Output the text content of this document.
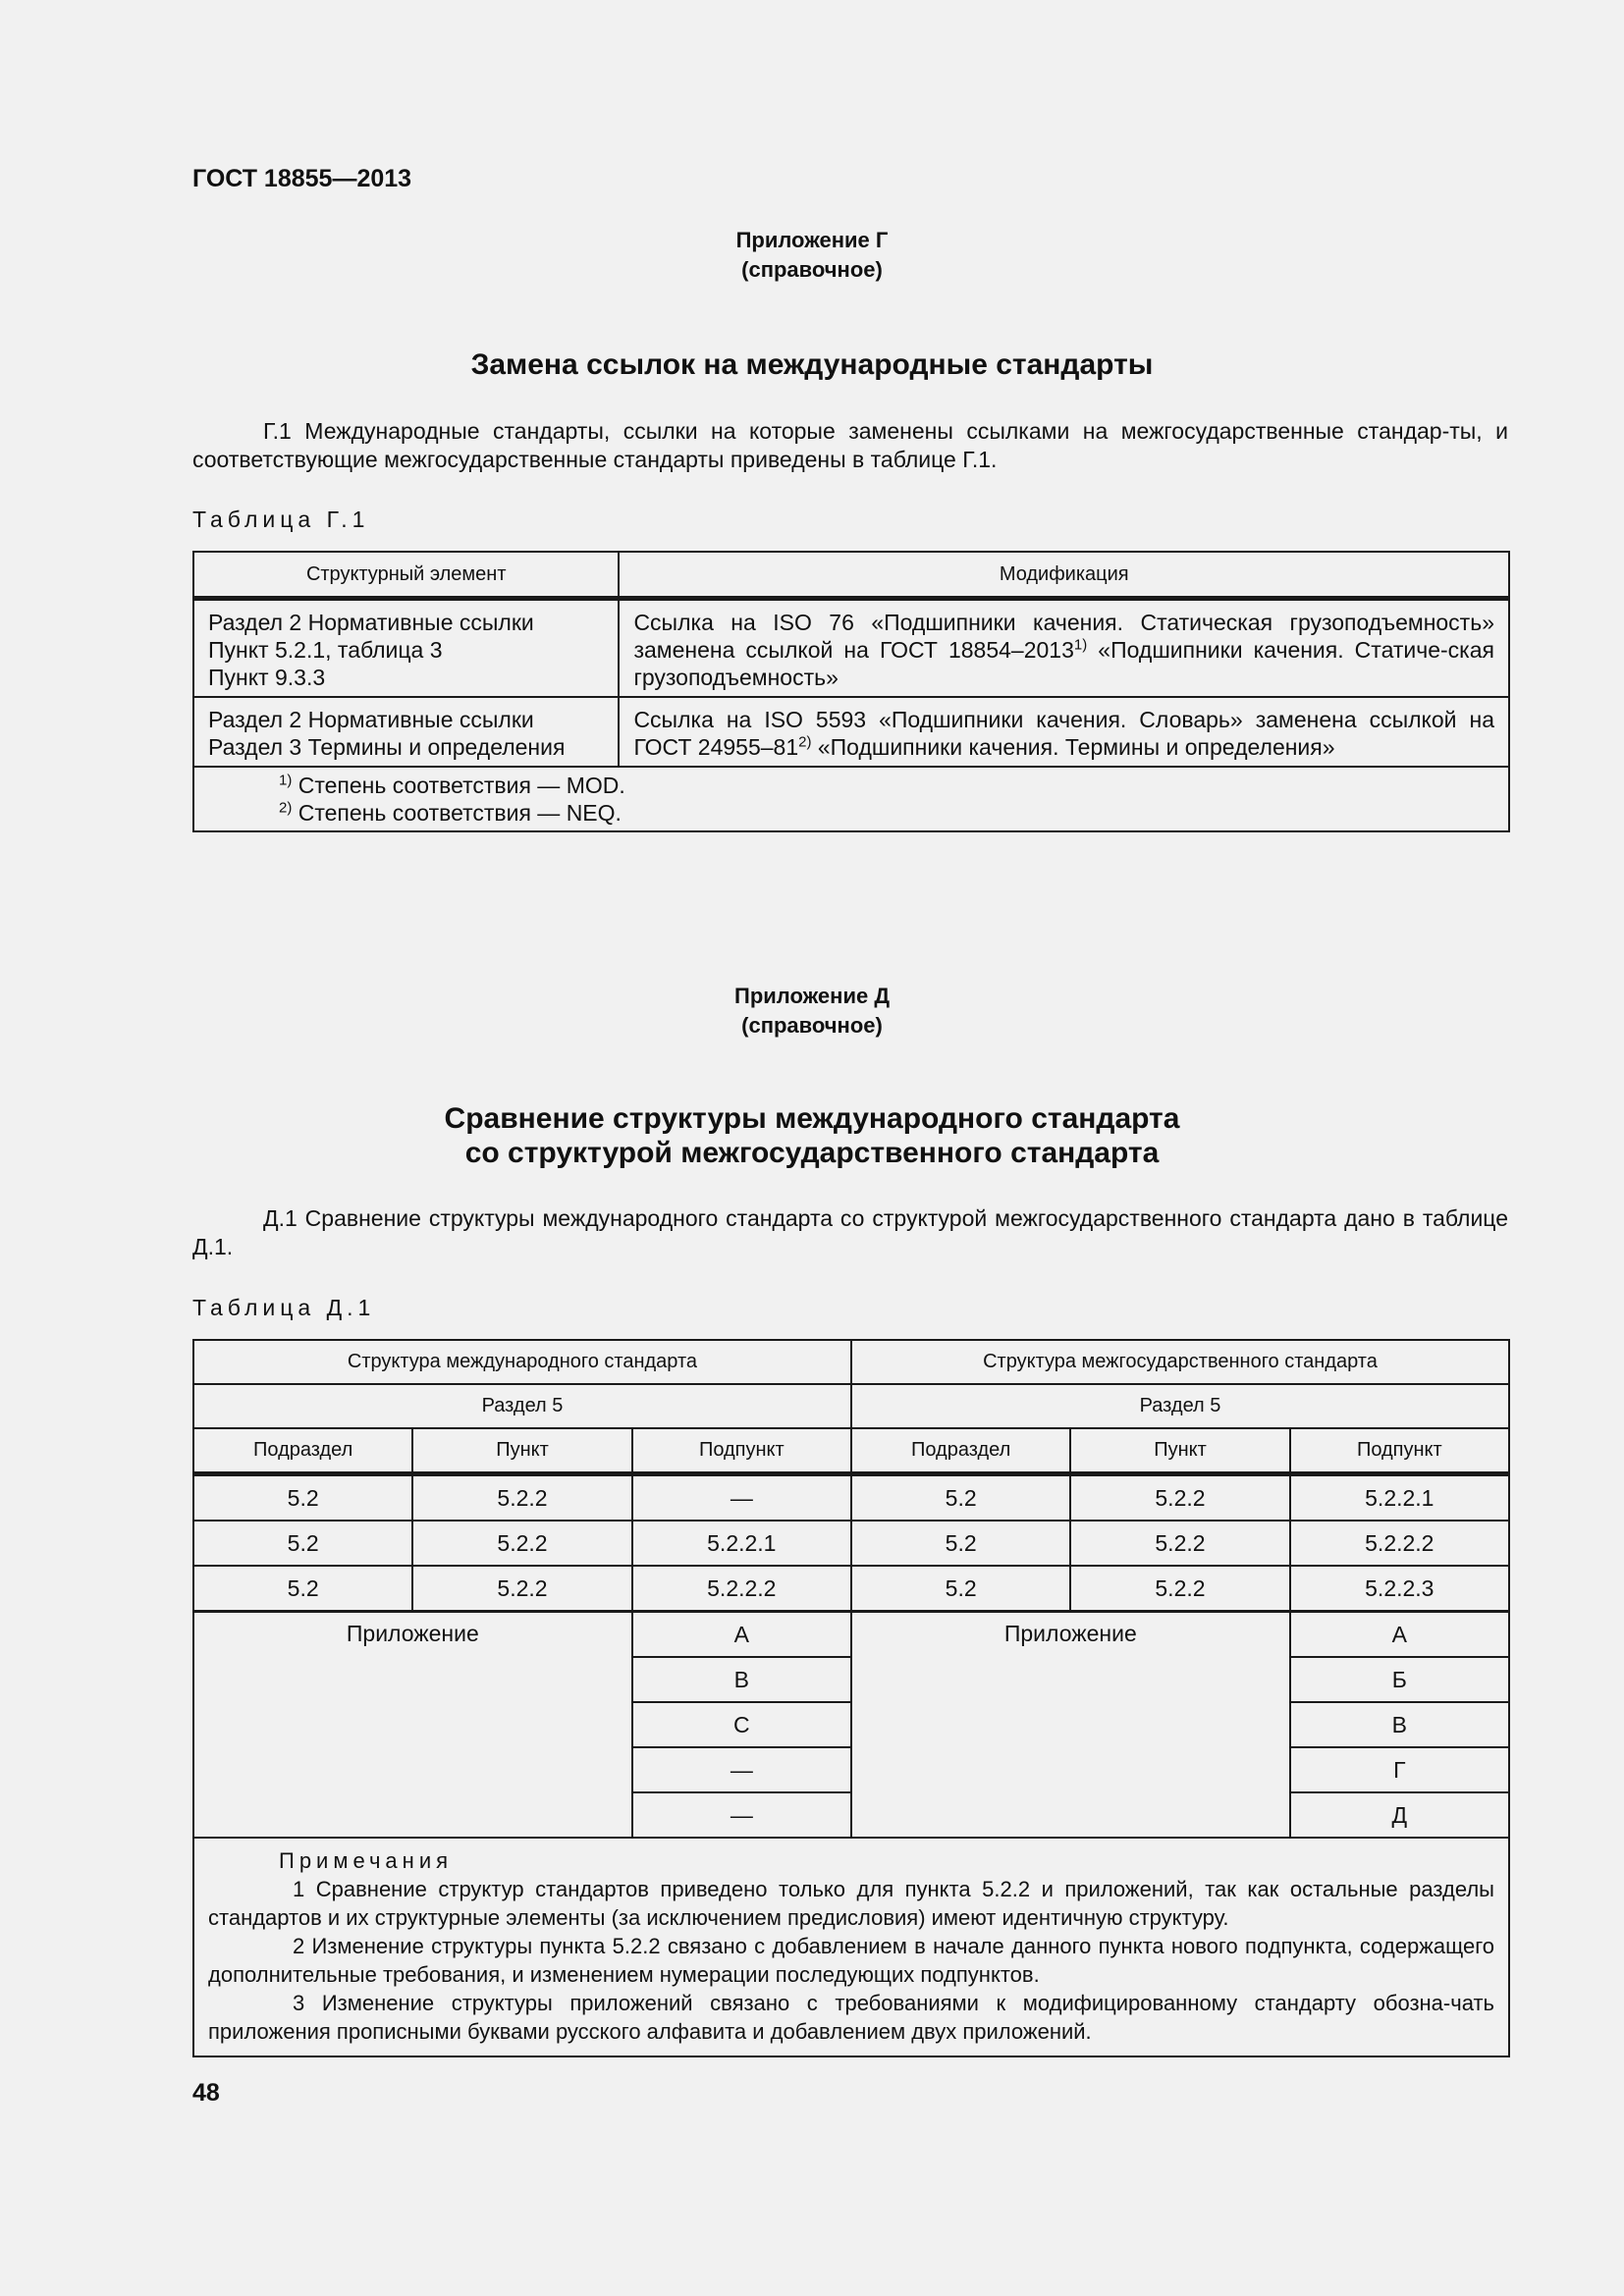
ГОСТ 18855—2013
Приложение Г
(справочное)
Замена ссылок на международные стандарты
Г.1 Международные стандарты, ссылки на которые заменены ссылками на межгосударственные стандар-ты, и соответствующие межгосударственные стандарты приведены в таблице Г.1.
Таблица Г.1
Структурный элемент	Модификация

Раздел 2 Нормативные ссылки
Пункт 5.2.1, таблица 3
Пункт 9.3.3	Ссылка на ISO 76 «Подшипники качения. Статическая грузоподъемность» заменена ссылкой на ГОСТ 18854–2013$^{1)}$ «Подшипники качения. Статиче-ская грузоподъемность»

Раздел 2 Нормативные ссылки
Раздел 3 Термины и определения	Ссылка на ISO 5593 «Подшипники качения. Словарь» заменена ссылкой на ГОСТ 24955–81$^{2)}$ «Подшипники качения. Термины и определения»

$^{1)}$ Степень соответствия — MOD.
$^{2)}$ Степень соответствия — NEQ.	
Приложение Д
(справочное)
Сравнение структуры международного стандарта
со структурой межгосударственного стандарта
Д.1 Сравнение структуры международного стандарта со структурой межгосударственного стандарта дано в таблице Д.1.
Таблица Д.1
Структура международного стандарта			Структура межгосударственного стандарта		
Раздел 5			Раздел 5		
Подраздел	Пункт	Подпункт	Подраздел	Пункт	Подпункт
5.2	5.2.2	—	5.2	5.2.2	5.2.2.1
5.2	5.2.2	5.2.2.1	5.2	5.2.2	5.2.2.2
5.2	5.2.2	5.2.2.2	5.2	5.2.2	5.2.2.3
Приложение		A	Приложение		А
		B			Б
		C			В
		—			Г
		—			Д

Примечания
1 Сравнение структур стандартов приведено только для пункта 5.2.2 и приложений, так как остальные разделы стандартов и их структурные элементы (за исключением предисловия) имеют идентичную структуру.
2 Изменение структуры пункта 5.2.2 связано с добавлением в начале данного пункта нового подпункта, содержащего дополнительные требования, и изменением нумерации последующих подпунктов.
3 Изменение структуры приложений связано с требованиями к модифицированному стандарту обозна-чать приложения прописными буквами русского алфавита и добавлением двух приложений.					
48
